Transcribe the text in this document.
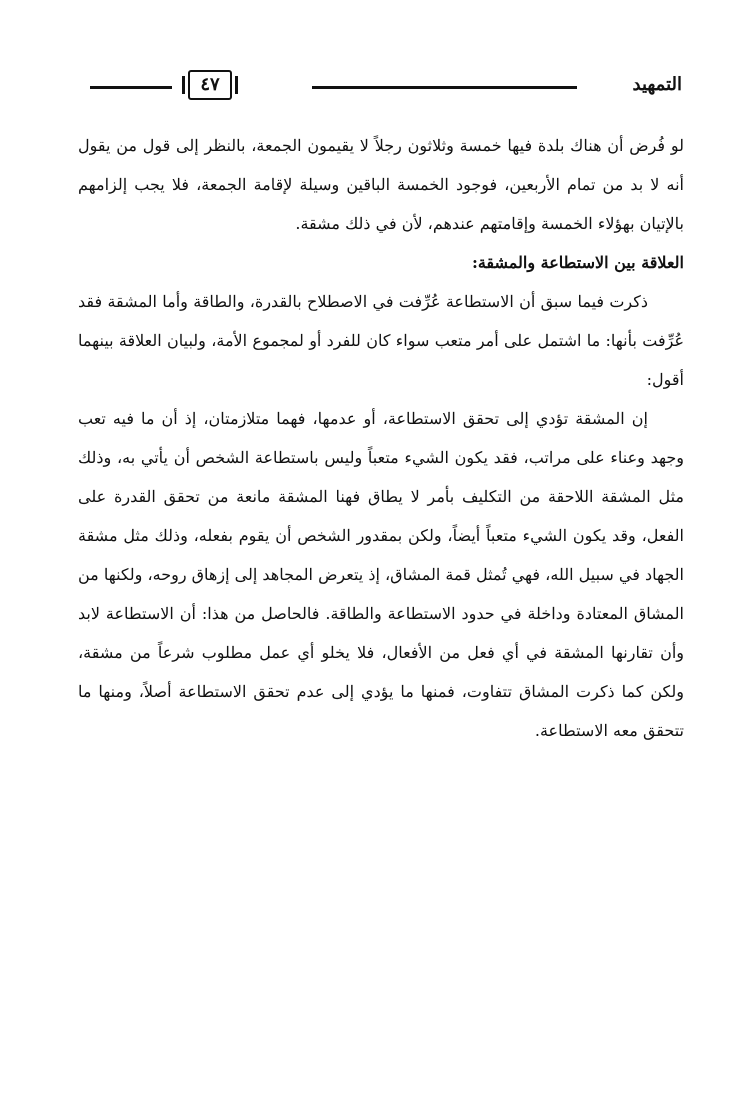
التمهيد
٤٧

لو فُرض أن هناك بلدة فيها خمسة وثلاثون رجلاً لا يقيمون الجمعة، بالنظر إلى قول من يقول أنه لا بد من تمام الأربعين، فوجود الخمسة الباقين وسيلة لإقامة الجمعة، فلا يجب إلزامهم بالإتيان بهؤلاء الخمسة وإقامتهم عندهم، لأن في ذلك مشقة.

العلاقة بين الاستطاعة والمشقة:

ذكرت فيما سبق أن الاستطاعة عُرِّفت في الاصطلاح بالقدرة، والطاقة وأما المشقة فقد عُرِّفت بأنها: ما اشتمل على أمر متعب سواء كان للفرد أو لمجموع الأمة، ولبيان العلاقة بينهما أقول:

إن المشقة تؤدي إلى تحقق الاستطاعة، أو عدمها، فهما متلازمتان، إذ أن ما فيه تعب وجهد وعناء على مراتب، فقد يكون الشيء متعباً وليس باستطاعة الشخص أن يأتي به، وذلك مثل المشقة اللاحقة من التكليف بأمر لا يطاق فهنا المشقة مانعة من تحقق القدرة على الفعل، وقد يكون الشيء متعباً أيضاً، ولكن بمقدور الشخص أن يقوم بفعله، وذلك مثل مشقة الجهاد في سبيل الله، فهي تُمثل قمة المشاق، إذ يتعرض المجاهد إلى إزهاق روحه، ولكنها من المشاق المعتادة وداخلة في حدود الاستطاعة والطاقة. فالحاصل من هذا: أن الاستطاعة لابد وأن تقارنها المشقة في أي فعل من الأفعال، فلا يخلو أي عمل مطلوب شرعاً من مشقة، ولكن كما ذكرت المشاق تتفاوت، فمنها ما يؤدي إلى عدم تحقق الاستطاعة أصلاً، ومنها ما تتحقق معه الاستطاعة.
